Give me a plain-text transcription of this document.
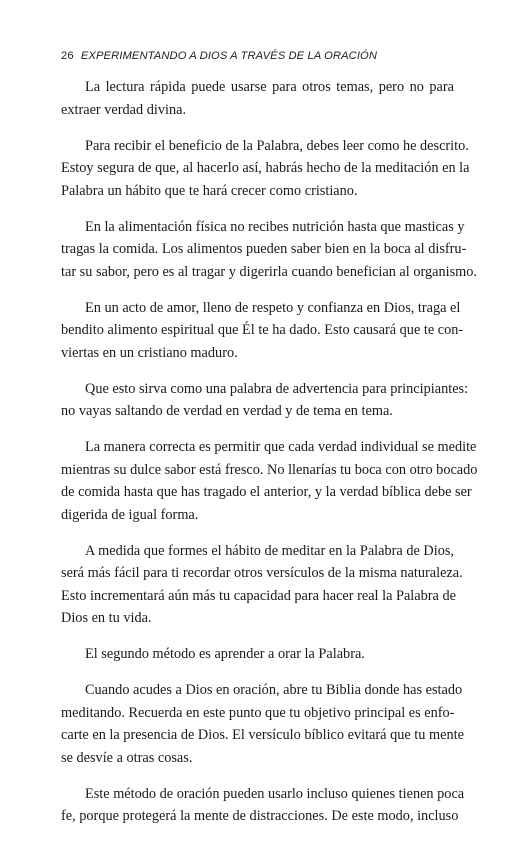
26 EXPERIMENTANDO A DIOS A TRAVÉS DE LA ORACIÓN

La lectura rápida puede usarse para otros temas, pero no para
extraer verdad divina.

Para recibir el beneficio de la Palabra, debes leer como he descrito.
Estoy segura de que, al hacerlo así, habrás hecho de la meditación en la
Palabra un hábito que te hará crecer como cristiano.

En la alimentación física no recibes nutrición hasta que masticas y
tragas la comida. Los alimentos pueden saber bien en la boca al disfru-
tar su sabor, pero es al tragar y digerirla cuando benefician al organismo.

En un acto de amor, lleno de respeto y confianza en Dios, traga el
bendito alimento espiritual que Él te ha dado. Esto causará que te con-
viertas en un cristiano maduro.

Que esto sirva como una palabra de advertencia para principiantes:
no vayas saltando de verdad en verdad y de tema en tema.

La manera correcta es permitir que cada verdad individual se medite
mientras su dulce sabor está fresco. No llenarías tu boca con otro bocado
de comida hasta que has tragado el anterior, y la verdad bíblica debe ser
digerida de igual forma.

A medida que formes el hábito de meditar en la Palabra de Dios,
será más fácil para ti recordar otros versículos de la misma naturaleza.
Esto incrementará aún más tu capacidad para hacer real la Palabra de
Dios en tu vida.

El segundo método es aprender a orar la Palabra.

Cuando acudes a Dios en oración, abre tu Biblia donde has estado
meditando. Recuerda en este punto que tu objetivo principal es enfo-
carte en la presencia de Dios. El versículo bíblico evitará que tu mente
se desvíe a otras cosas.

Este método de oración pueden usarlo incluso quienes tienen poca
fe, porque protegerá la mente de distracciones. De este modo, incluso
